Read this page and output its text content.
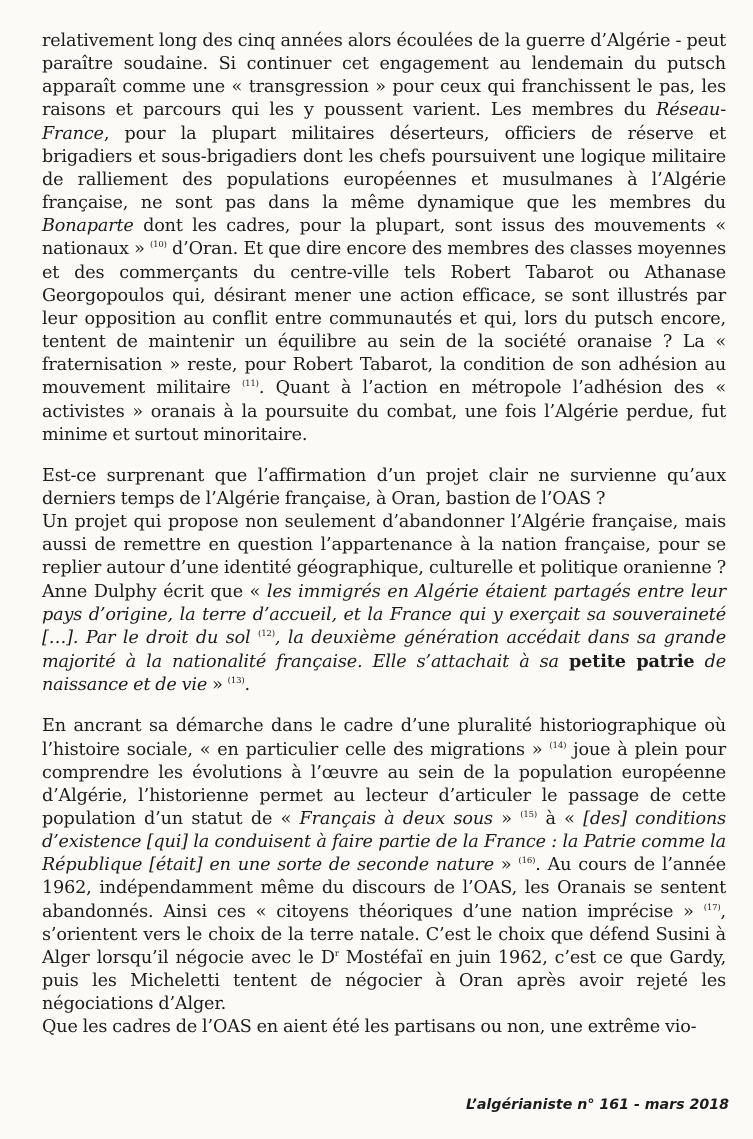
relativement long des cinq années alors écoulées de la guerre d’Algérie - peut paraître soudaine. Si continuer cet engagement au lendemain du putsch apparaît comme une « transgression » pour ceux qui franchissent le pas, les raisons et parcours qui les y poussent varient. Les membres du Réseau-France, pour la plupart militaires déserteurs, officiers de réserve et brigadiers et sous-brigadiers dont les chefs poursuivent une logique militaire de ralliement des populations européennes et musulmanes à l’Algérie française, ne sont pas dans la même dynamique que les membres du Bonaparte dont les cadres, pour la plupart, sont issus des mouvements « nationaux » $^{(10)}$ d’Oran. Et que dire encore des membres des classes moyennes et des commerçants du centre-ville tels Robert Tabarot ou Athanase Georgopoulos qui, désirant mener une action efficace, se sont illustrés par leur opposition au conflit entre communautés et qui, lors du putsch encore, tentent de maintenir un équilibre au sein de la société oranaise ? La « fraternisation » reste, pour Robert Tabarot, la condition de son adhésion au mouvement militaire $^{(11)}$. Quant à l’action en métropole l’adhésion des « activistes » oranais à la poursuite du combat, une fois l’Algérie perdue, fut minime et surtout minoritaire.

Est-ce surprenant que l’affirmation d’un projet clair ne survienne qu’aux derniers temps de l’Algérie française, à Oran, bastion de l’OAS ?

Un projet qui propose non seulement d’abandonner l’Algérie française, mais aussi de remettre en question l’appartenance à la nation française, pour se replier autour d’une identité géographique, culturelle et politique oranienne ? Anne Dulphy écrit que « les immigrés en Algérie étaient partagés entre leur pays d’origine, la terre d’accueil, et la France qui y exerçait sa souveraineté […]. Par le droit du sol $^{(12)}$, la deuxième génération accédait dans sa grande majorité à la nationalité française. Elle s’attachait à sa petite patrie de naissance et de vie » $^{(13)}$.

En ancrant sa démarche dans le cadre d’une pluralité historiographique où l’histoire sociale, « en particulier celle des migrations » $^{(14)}$ joue à plein pour comprendre les évolutions à l’œuvre au sein de la population européenne d’Algérie, l’historienne permet au lecteur d’articuler le passage de cette population d’un statut de « Français à deux sous » $^{(15)}$ à « [des] conditions d’existence [qui] la conduisent à faire partie de la France : la Patrie comme la République [était] en une sorte de seconde nature » $^{(16)}$. Au cours de l’année 1962, indépendamment même du discours de l’OAS, les Oranais se sentent abandonnés. Ainsi ces « citoyens théoriques d’une nation imprécise » $^{(17)}$, s’orientent vers le choix de la terre natale. C’est le choix que défend Susini à Alger lorsqu’il négocie avec le $D^r$ Mostéfaï en juin 1962, c’est ce que Gardy, puis les Micheletti tentent de négocier à Oran après avoir rejeté les négociations d’Alger.

Que les cadres de l’OAS en aient été les partisans ou non, une extrême vio-

L’algérianiste n° 161 - mars 2018
